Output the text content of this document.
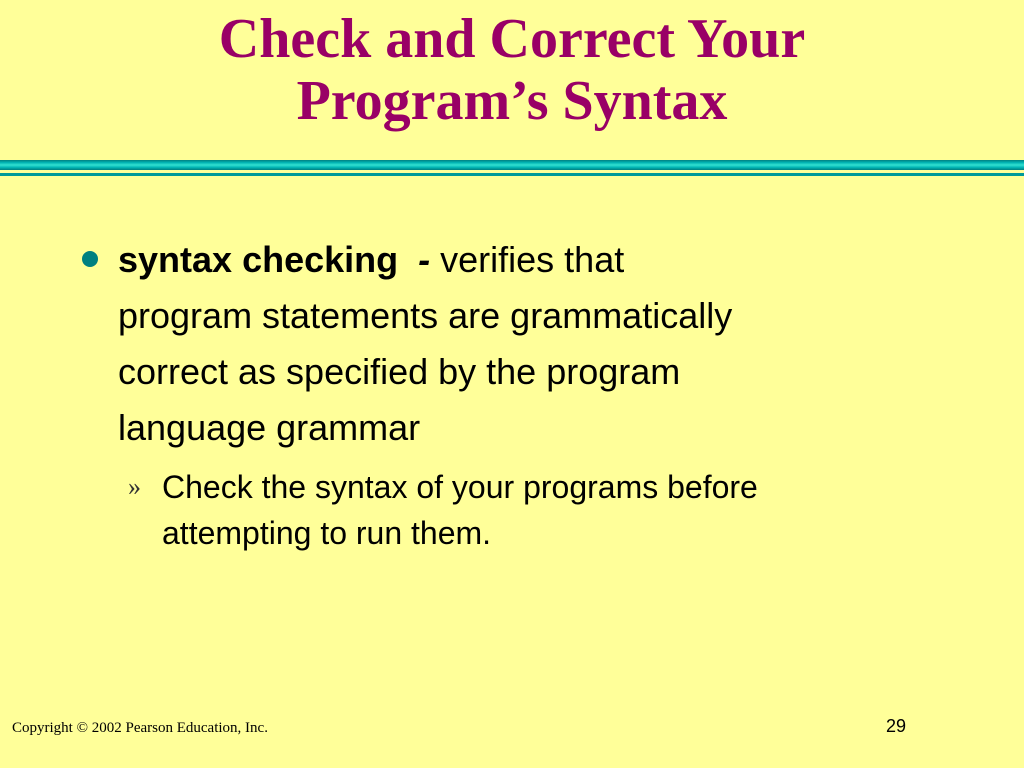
Check and Correct Your
Program’s Syntax
syntax checking - verifies that
program statements are grammatically
correct as specified by the program
language grammar
» Check the syntax of your programs before
attempting to run them.
Copyright © 2002 Pearson Education, Inc.	29
